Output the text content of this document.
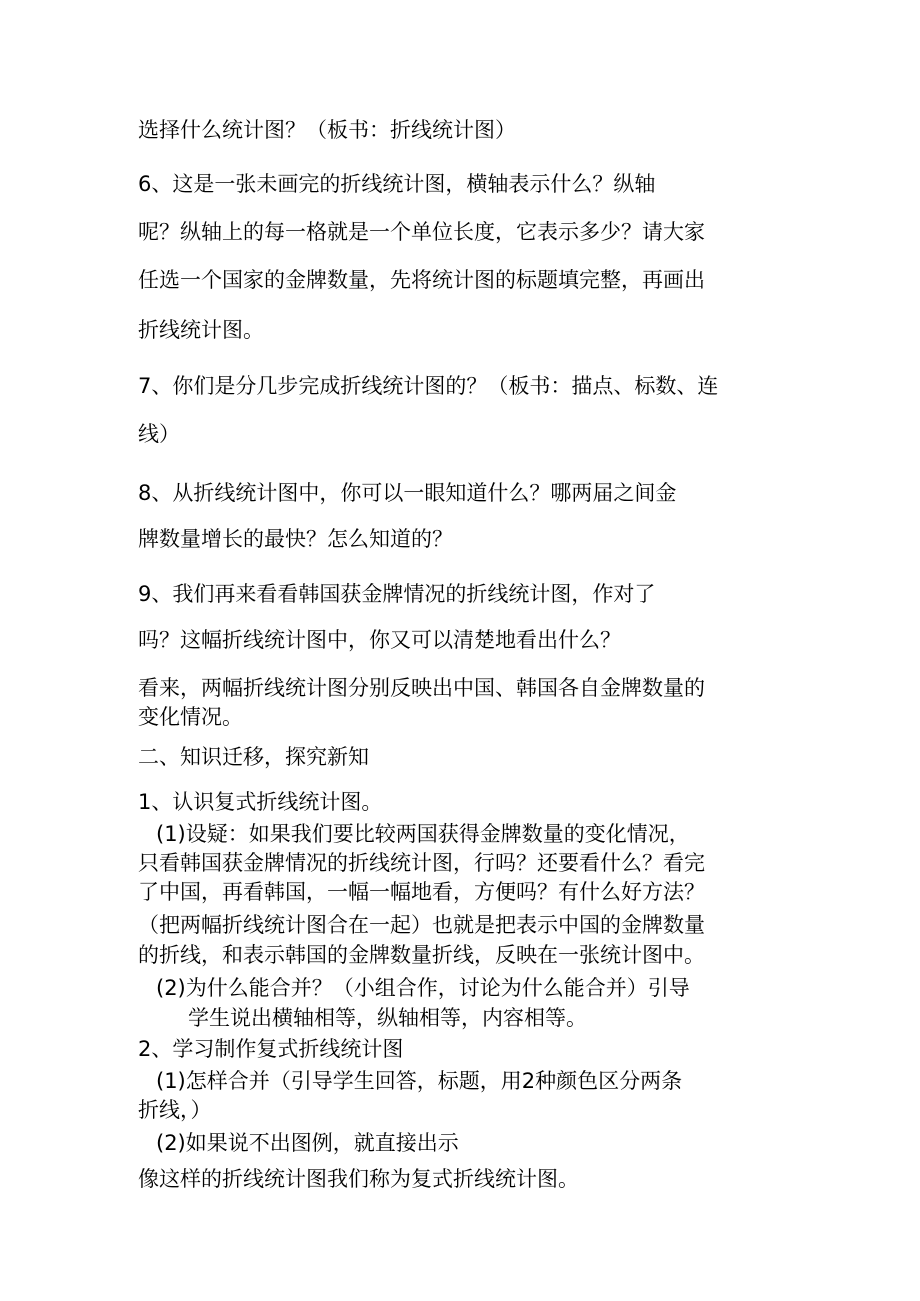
选择什么统计图？（板书：折线统计图）
6、这是一张未画完的折线统计图，横轴表示什么？纵轴
呢？纵轴上的每一格就是一个单位长度，它表示多少？请大家
任选一个国家的金牌数量，先将统计图的标题填完整，再画出
折线统计图。
7、你们是分几步完成折线统计图的？（板书：描点、标数、连
线）
8、从折线统计图中，你可以一眼知道什么？哪两届之间金
牌数量增长的最快？怎么知道的？
9、我们再来看看韩国获金牌情况的折线统计图，作对了
吗？这幅折线统计图中，你又可以清楚地看出什么？
看来，两幅折线统计图分别反映出中国、韩国各自金牌数量的
变化情况。
二、知识迁移，探究新知
1、认识复式折线统计图。
(1)设疑：如果我们要比较两国获得金牌数量的变化情况，
只看韩国获金牌情况的折线统计图，行吗？还要看什么？看完
了中国，再看韩国，一幅一幅地看，方便吗？有什么好方法？
（把两幅折线统计图合在一起）也就是把表示中国的金牌数量
的折线，和表示韩国的金牌数量折线，反映在一张统计图中。
(2)为什么能合并？（小组合作，讨论为什么能合并）引导
学生说出横轴相等，纵轴相等，内容相等。
2、学习制作复式折线统计图
(1)怎样合并（引导学生回答，标题，用2种颜色区分两条
折线，）
(2)如果说不出图例，就直接出示
像这样的折线统计图我们称为复式折线统计图。
